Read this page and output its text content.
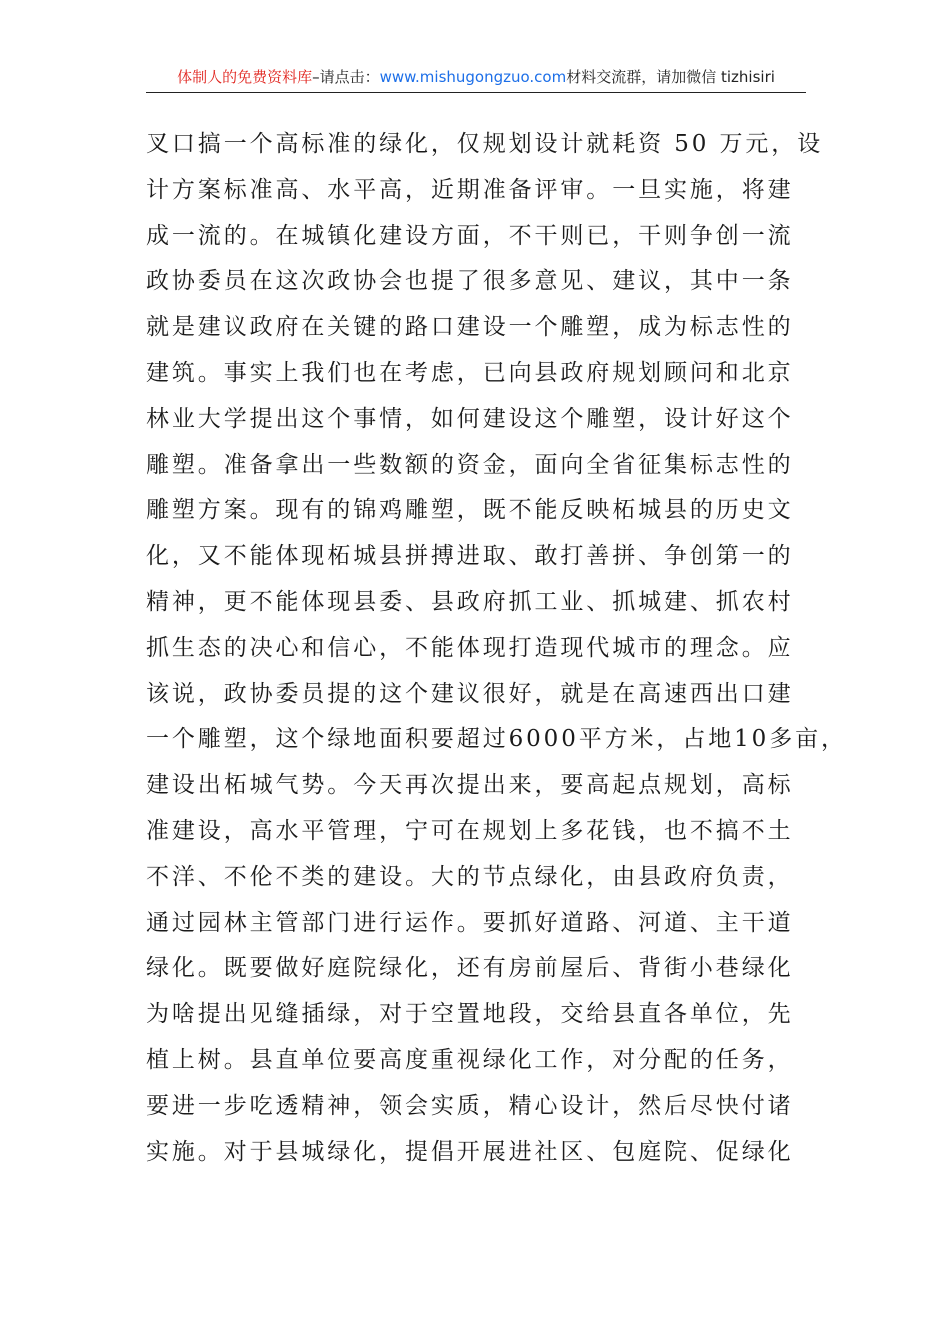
体制人的免费资料库 –请点击： www.mishugongzuo.com 材料交流群，请加微信 tizhisiri
叉口搞一个高标准的绿化，仅规划设计就耗资 50 万元，设
计方案标准高、水平高，近期准备评审。一旦实施，将建
成一流的。在城镇化建设方面，不干则已，干则争创一流
政协委员在这次政协会也提了很多意见、建议，其中一条
就是建议政府在关键的路口建设一个雕塑，成为标志性的
建筑。事实上我们也在考虑，已向县政府规划顾问和北京
林业大学提出这个事情，如何建设这个雕塑，设计好这个
雕塑。准备拿出一些数额的资金，面向全省征集标志性的
雕塑方案。现有的锦鸡雕塑，既不能反映柘城县的历史文
化，又不能体现柘城县拼搏进取、敢打善拼、争创第一的
精神，更不能体现县委、县政府抓工业、抓城建、抓农村
抓生态的决心和信心，不能体现打造现代城市的理念。应
该说，政协委员提的这个建议很好，就是在高速西出口建
一个雕塑，这个绿地面积要超过6000平方米，占地10多亩，
建设出柘城气势。今天再次提出来，要高起点规划，高标
准建设，高水平管理，宁可在规划上多花钱，也不搞不土
不洋、不伦不类的建设。大的节点绿化，由县政府负责，
通过园林主管部门进行运作。要抓好道路、河道、主干道
绿化。既要做好庭院绿化，还有房前屋后、背街小巷绿化
为啥提出见缝插绿，对于空置地段，交给县直各单位，先
植上树。县直单位要高度重视绿化工作，对分配的任务，
要进一步吃透精神，领会实质，精心设计，然后尽快付诸
实施。对于县城绿化，提倡开展进社区、包庭院、促绿化
